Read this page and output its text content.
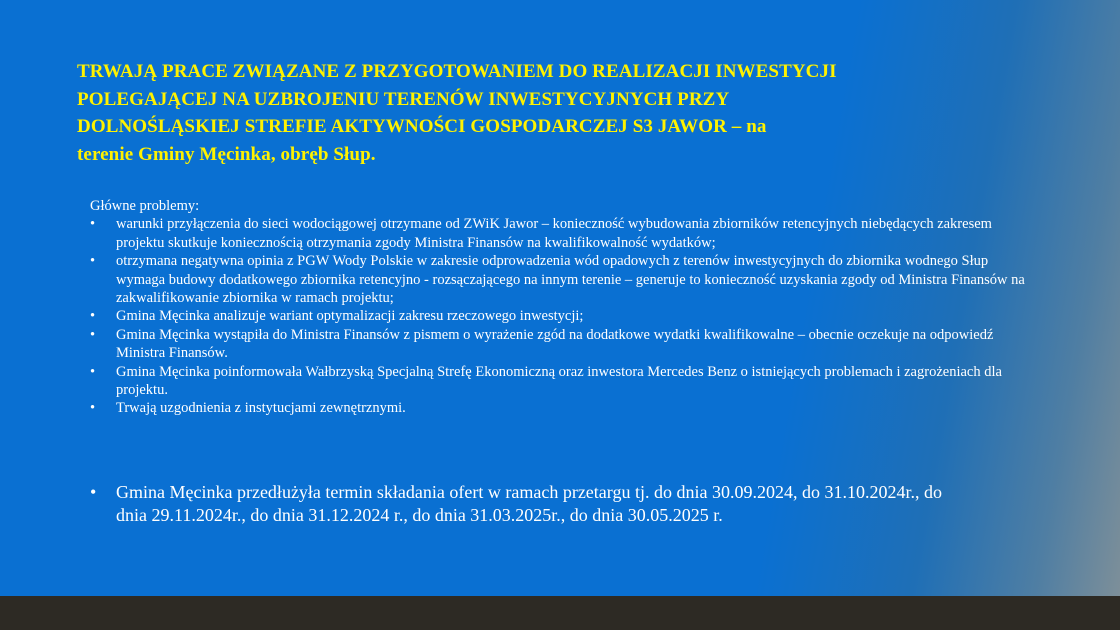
TRWAJĄ PRACE ZWIĄZANE Z PRZYGOTOWANIEM DO REALIZACJI INWESTYCJI
POLEGAJĄCEJ NA UZBROJENIU TERENÓW INWESTYCYJNYCH PRZY
DOLNOŚLĄSKIEJ STREFIE AKTYWNOŚCI GOSPODARCZEJ S3 JAWOR – na
terenie Gminy Męcinka, obręb Słup.

Główne problemy:

• warunki przyłączenia do sieci wodociągowej otrzymane od ZWiK Jawor – konieczność wybudowania zbiorników retencyjnych niebędących zakresem projektu skutkuje koniecznością otrzymania zgody Ministra Finansów na kwalifikowalność wydatków;
• otrzymana negatywna opinia z PGW Wody Polskie w zakresie odprowadzenia wód opadowych z terenów inwestycyjnych do zbiornika wodnego Słup wymaga budowy dodatkowego zbiornika retencyjno - rozsączającego na innym terenie – generuje to konieczność uzyskania zgody od Ministra Finansów na zakwalifikowanie zbiornika w ramach projektu;
• Gmina Męcinka analizuje wariant optymalizacji zakresu rzeczowego inwestycji;
• Gmina Męcinka wystąpiła do Ministra Finansów z pismem o wyrażenie zgód na dodatkowe wydatki kwalifikowalne – obecnie oczekuje na odpowiedź Ministra Finansów.
• Gmina Męcinka poinformowała Wałbrzyską Specjalną Strefę Ekonomiczną oraz inwestora Mercedes Benz o istniejących problemach i zagrożeniach dla projektu.
• Trwają uzgodnienia z instytucjami zewnętrznymi.
• Gmina Męcinka przedłużyła termin składania ofert w ramach przetargu tj. do dnia 30.09.2024, do 31.10.2024r., do dnia 29.11.2024r., do dnia 31.12.2024 r., do dnia 31.03.2025r., do dnia 30.05.2025 r.
